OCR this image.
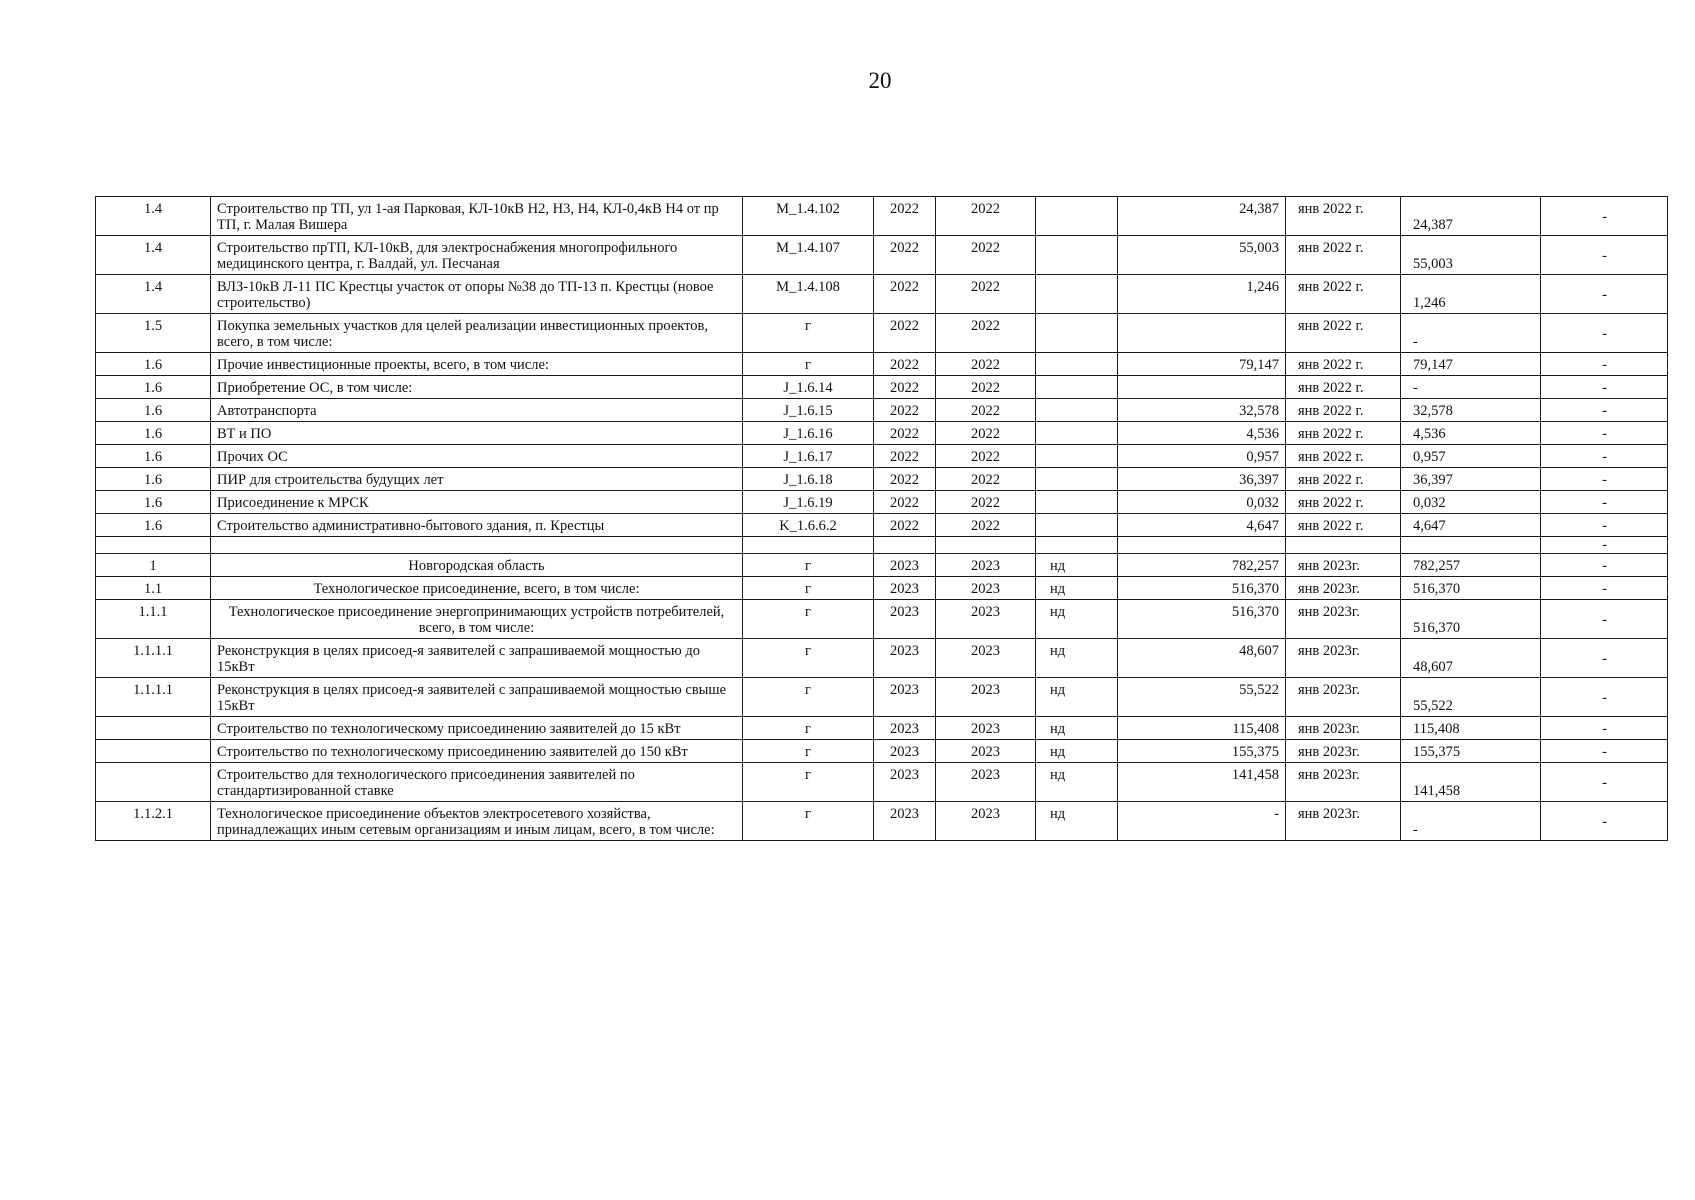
20
1.4	Строительство пр ТП, ул 1-ая Парковая, КЛ-10кВ Н2, Н3, Н4, КЛ-0,4кВ Н4 от пр ТП, г. Малая Вишера	M_1.4.102	2022	2022		24,387	янв 2022 г.	24,387	-
1.4	Строительство прТП, КЛ-10кВ, для электроснабжения многопрофильного медицинского центра, г. Валдай, ул. Песчаная	M_1.4.107	2022	2022		55,003	янв 2022 г.	55,003	-
1.4	ВЛЗ-10кВ Л-11 ПС Крестцы участок от опоры №38 до ТП-13 п. Крестцы (новое строительство)	M_1.4.108	2022	2022		1,246	янв 2022 г.	1,246	-
1.5	Покупка земельных участков для целей реализации инвестиционных проектов, всего, в том числе:	г	2022	2022			янв 2022 г.	-	-
1.6	Прочие инвестиционные проекты, всего, в том числе:	г	2022	2022		79,147	янв 2022 г.	79,147	-
1.6	Приобретение ОС, в том числе:	J_1.6.14	2022	2022			янв 2022 г.	-	-
1.6	Автотранспорта	J_1.6.15	2022	2022		32,578	янв 2022 г.	32,578	-
1.6	ВТ и ПО	J_1.6.16	2022	2022		4,536	янв 2022 г.	4,536	-
1.6	Прочих ОС	J_1.6.17	2022	2022		0,957	янв 2022 г.	0,957	-
1.6	ПИР для строительства будущих лет	J_1.6.18	2022	2022		36,397	янв 2022 г.	36,397	-
1.6	Присоединение к МРСК	J_1.6.19	2022	2022		0,032	янв 2022 г.	0,032	-
1.6	Строительство административно-бытового здания, п. Крестцы	K_1.6.6.2	2022	2022		4,647	янв 2022 г.	4,647	-
									-
1	Новгородская область	г	2023	2023	нд	782,257	янв 2023г.	782,257	-
1.1	Технологическое присоединение, всего, в том числе:	г	2023	2023	нд	516,370	янв 2023г.	516,370	-
1.1.1	Технологическое присоединение энергопринимающих устройств потребителей, всего, в том числе:	г	2023	2023	нд	516,370	янв 2023г.	516,370	-
1.1.1.1	Реконструкция в целях присоед-я заявителей с запрашиваемой мощностью до 15кВт	г	2023	2023	нд	48,607	янв 2023г.	48,607	-
1.1.1.1	Реконструкция в целях присоед-я заявителей с запрашиваемой мощностью свыше 15кВт	г	2023	2023	нд	55,522	янв 2023г.	55,522	-
	Строительство по технологическому присоединению заявителей до 15 кВт	г	2023	2023	нд	115,408	янв 2023г.	115,408	-
	Строительство по технологическому присоединению заявителей до 150 кВт	г	2023	2023	нд	155,375	янв 2023г.	155,375	-
	Строительство для технологического присоединения заявителей по стандартизированной ставке	г	2023	2023	нд	141,458	янв 2023г.	141,458	-
1.1.2.1	Технологическое присоединение объектов электросетевого хозяйства, принадлежащих иным сетевым организациям и иным лицам, всего, в том числе:	г	2023	2023	нд	-	янв 2023г.	-	-
